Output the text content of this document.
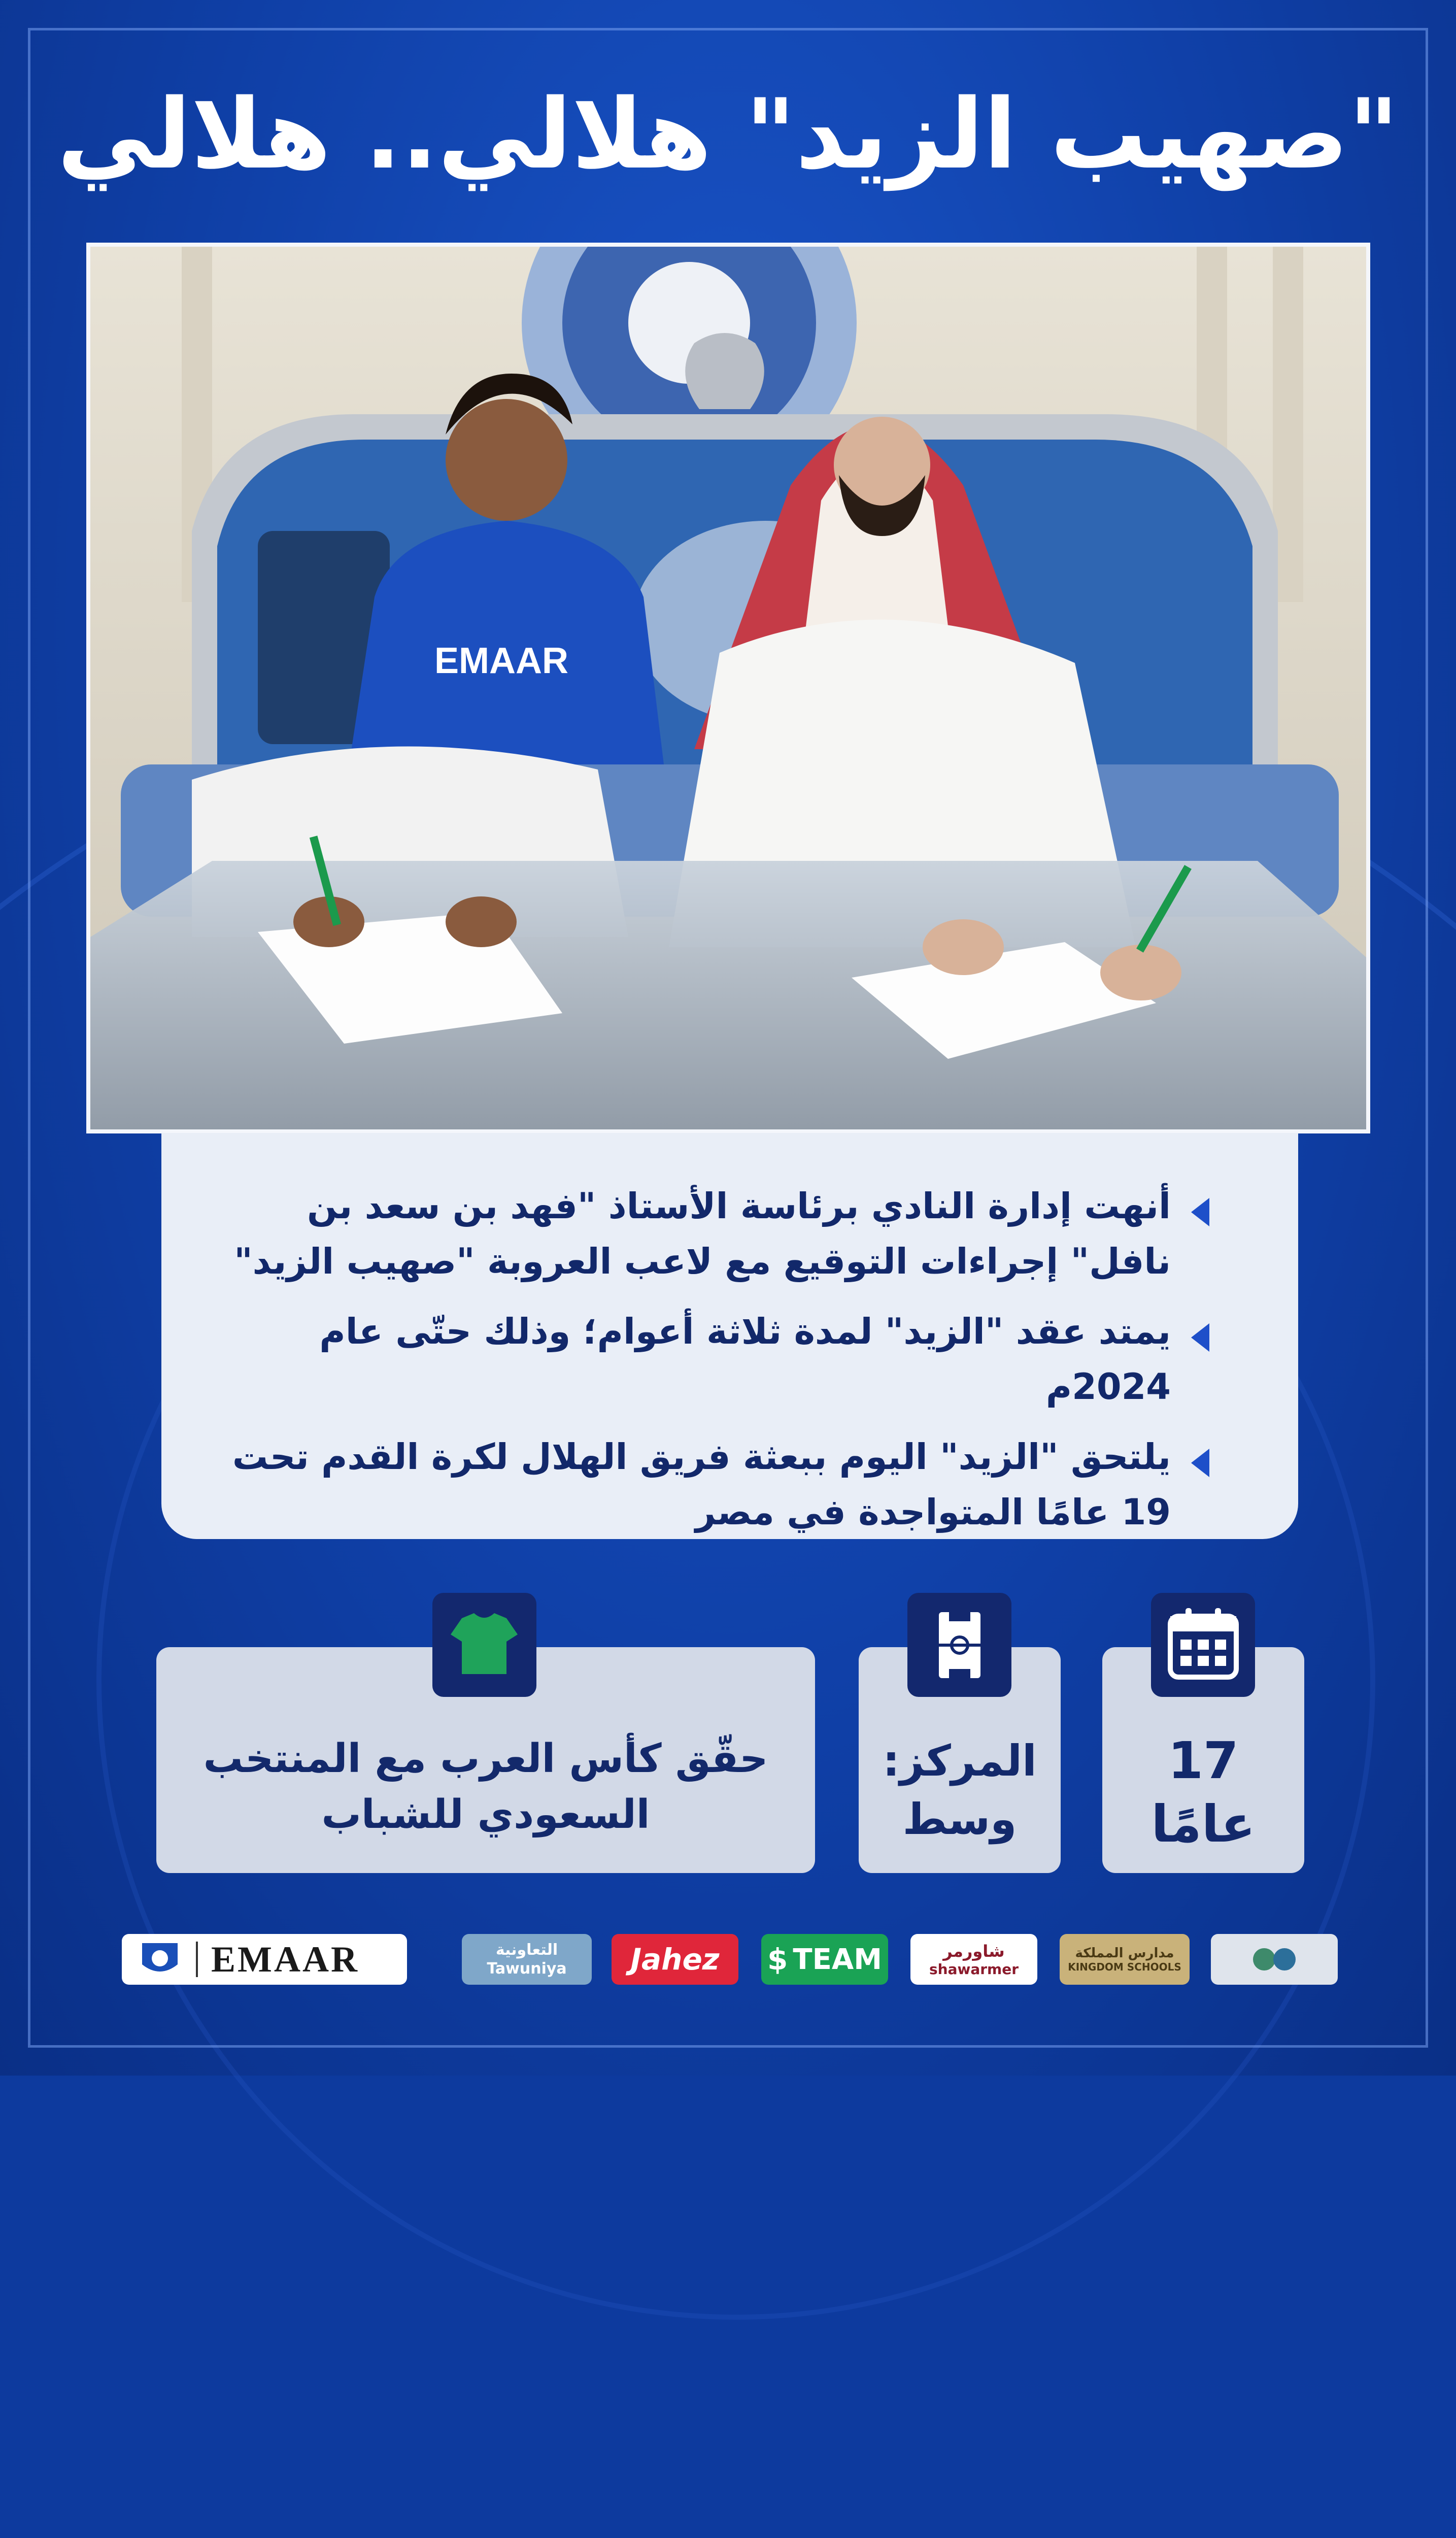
"صهيب الزيد" هلالي.. هلالي
EMAAR
أنهت إدارة النادي برئاسة الأستاذ "فهد بن سعد بن نافل" إجراءات التوقيع مع لاعب العروبة "صهيب الزيد"
يمتد عقد "الزيد" لمدة ثلاثة أعوام؛ وذلك حتّى عام 2024م
يلتحق "الزيد" اليوم ببعثة فريق الهلال لكرة القدم تحت 19 عامًا المتواجدة في مصر
حقّق كأس العرب مع المنتخب
السعودي للشباب
المركز:
وسط
17
عامًا
EMAAR	التعاونية
Tawuniya Jahez $ TEAM	شاورمر
shawarmer
مدارس المملكة
KINGDOM SCHOOLS
